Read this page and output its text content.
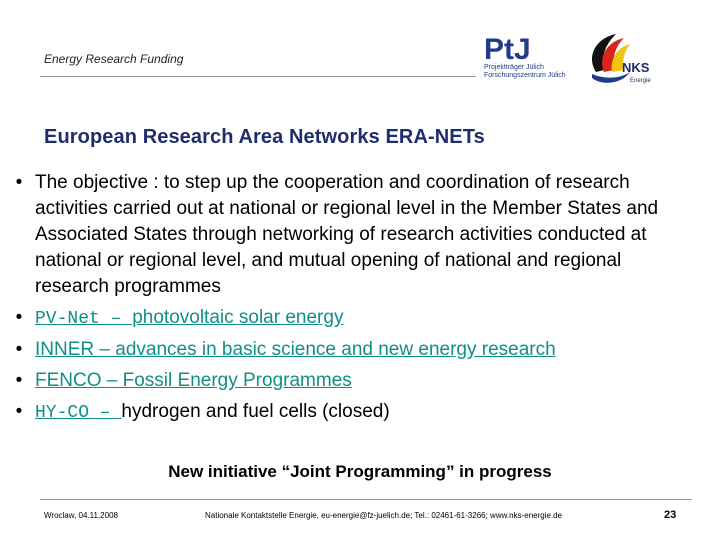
Energy Research Funding	PtJ
Projektträger Jülich
Forschungszentrum Jülich
NKS
Energie
European Research Area Networks ERA-NETs
• The objective : to step up the cooperation and coordination of research activities carried out at national or regional level in the Member States and Associated States through networking of research activities conducted at national or regional level, and mutual opening of national and regional research programmes
• PV-Net – photovoltaic solar energy
• INNER – advances in basic science and new energy research
• FENCO – Fossil Energy Programmes
• HY-CO – hydrogen and fuel cells (closed)
New initiative “Joint Programming” in progress
Wroclaw, 04.11.2008	Nationale Kontaktstelle Energie, eu-energie@fz-juelich.de; Tel.: 02461-61-3266; www.nks-energie.de	23
